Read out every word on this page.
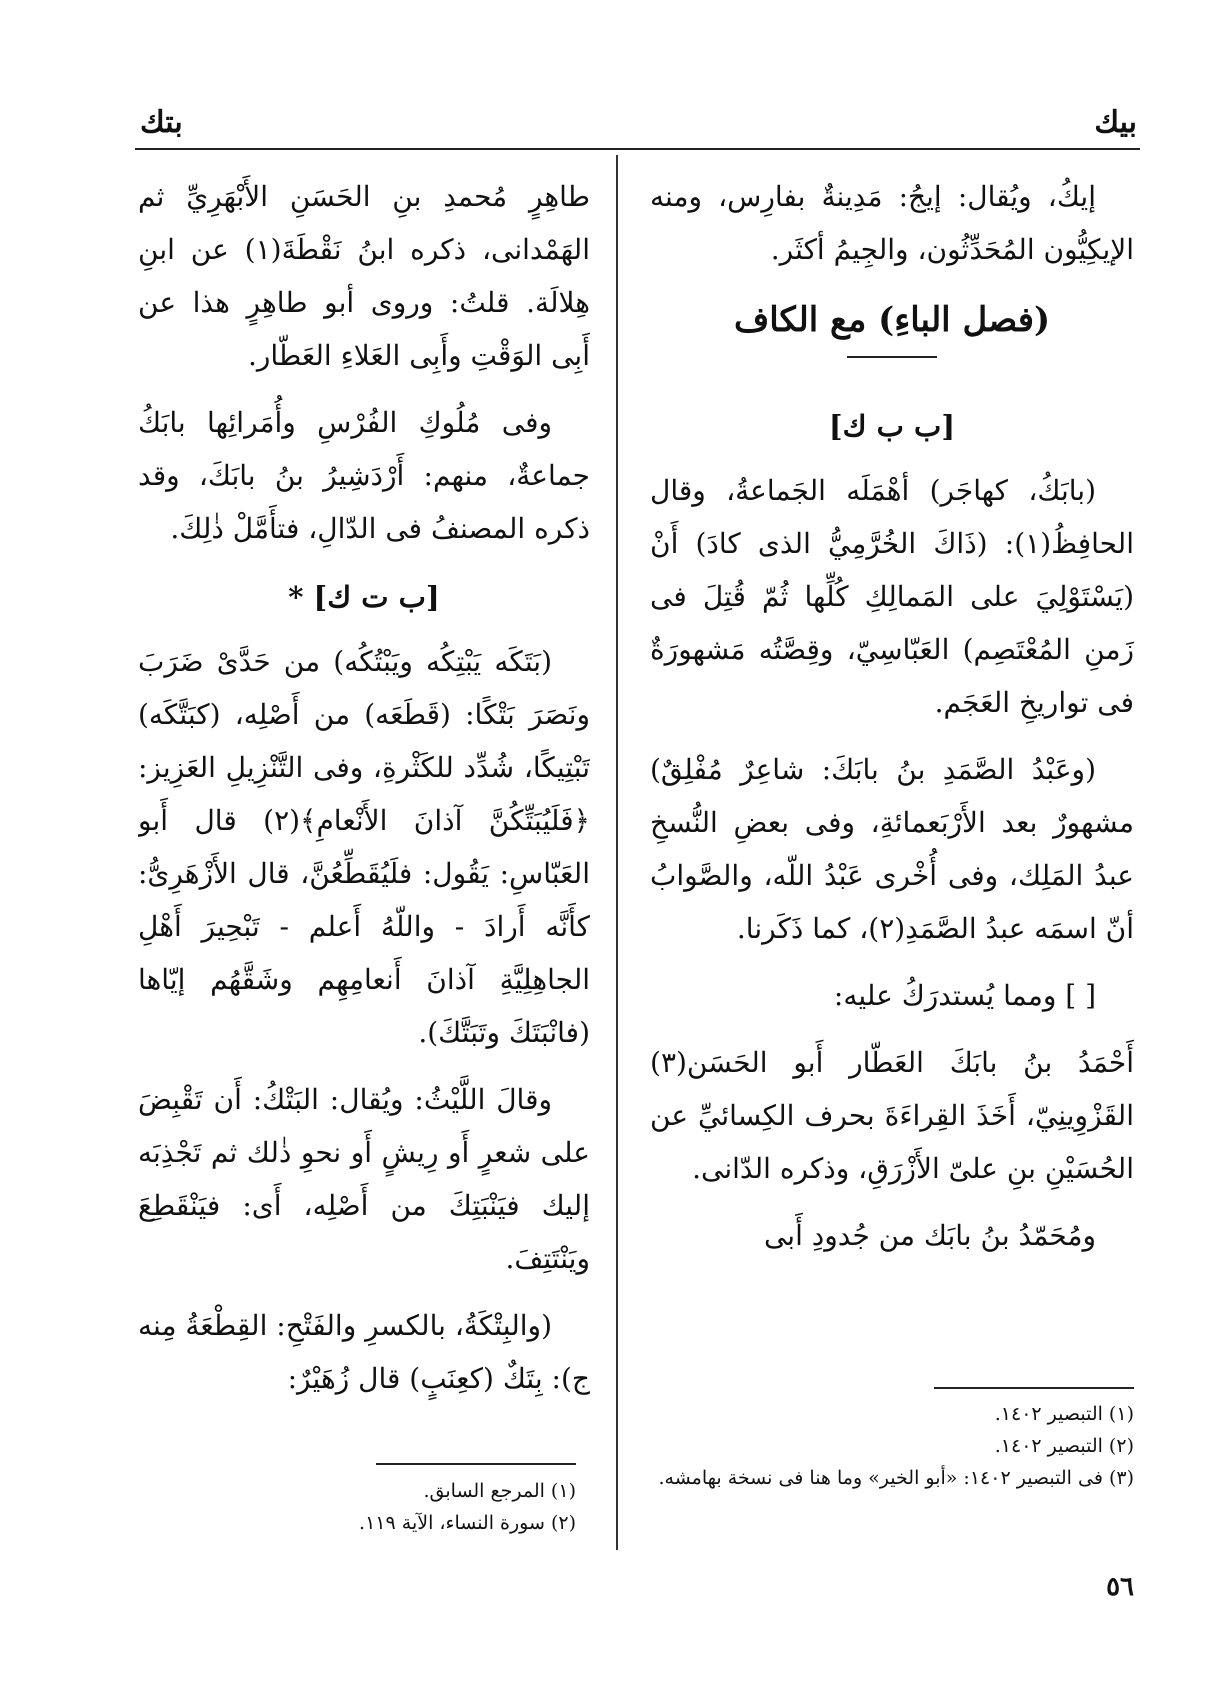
بيك
بتك

إيكُ، ويُقال: إيجُ: مَدِينةٌ بفارِس، ومنه الإيكِيُّون المُحَدِّثُون، والجِيمُ أكثَر.

(فصل الباءِ) مع الكاف
[ب ب ك]

(بابَكُ، كهاجَر) أهْمَلَه الجَماعةُ، وقال الحافِظُ(١): (ذَاكَ الخُرَّمِيُّ الذى كادَ) أَنْ (يَسْتَوْلِيَ على المَمالِكِ كُلِّها ثُمّ قُتِلَ فى زَمنِ المُعْتَصِم) العَبّاسِيّ، وقِصَّتُه مَشهورَةٌ فى تواريخِ العَجَم.

(وعَبْدُ الصَّمَدِ بنُ بابَكَ: شاعِرٌ مُفْلِقٌ) مشهورٌ بعد الأَرْبَعمائةِ، وفى بعضِ النُّسخِ عبدُ المَلِك، وفى أُخْرى عَبْدُ اللّه، والصَّوابُ أنّ اسمَه عبدُ الصَّمَدِ(٢)، كما ذَكَرنا.

[ ] ومما يُستدرَكُ عليه:

أَحْمَدُ بنُ بابَكَ العَطّار أَبو الحَسَن(٣) القَزْوِينِيّ، أَخَذَ القِراءَةَ بحرف الكِسائيِّ عن الحُسَيْنِ بنِ علىّ الأَزْرَقِ، وذكره الدّانى.

ومُحَمّدُ بنُ بابَك من جُدودِ أَبى

طاهِرٍ مُحمدِ بنِ الحَسَنِ الأَبْهَرِيِّ ثم الهَمْدانى، ذكره ابنُ نَقْطَةَ(١) عن ابنِ هِلالَة. قلتُ: وروى أبو طاهِرٍ هذا عن أَبِى الوَقْتِ وأَبِى العَلاءِ العَطّار.

وفى مُلُوكِ الفُرْسِ وأُمَرائِها بابَكُ جماعةٌ، منهم: أَرْدَشِيرُ بنُ بابَكَ، وقد ذكره المصنفُ فى الدّالِ، فتأَمَّلْ ذٰلِكَ.

[ب ت ك] *

(بَتَكَه يَبْتِكُه ويَبْتُكُه) من حَدَّىْ ضَرَبَ ونَصَرَ بَتْكًا: (قَطَعَه) من أَصْلِه، (كبَتَّكَه) تَبْتِيكًا، شُدِّد للكَثْرةِ، وفى التَّنْزِيلِ العَزِيز: ﴿فَلَيُبَتِّكُنَّ آذانَ الأَنْعامِ﴾(٢) قال أَبو العَبّاسِ: يَقُول: فلَيُقَطِّعُنَّ، قال الأَزْهَرِىُّ: كأَنَّه أَرادَ - واللّهُ أَعلم - تَبْحِيرَ أَهْلِ الجاهِلِيَّةِ آذانَ أَنعامِهِم وشَقَّهُم إيّاها (فانْبَتَكَ وتَبَتَّكَ).

وقالَ اللَّيْثُ: ويُقال: البَتْكُ: أَن تَقْبِضَ على شعرٍ أَو رِيشٍ أَو نحوِ ذٰلك ثم تَجْذِبَه إليك فيَنْبَتِكَ من أَصْلِه، أَى: فيَنْقَطِعَ ويَنْتَتِفَ.

(والبِتْكَةُ، بالكسرِ والفَتْحِ: القِطْعَةُ مِنه ج): بِتَكٌ (كعِنَبٍ) قال زُهَيْرٌ:

(١) التبصير ١٤٠٢.

(٢) التبصير ١٤٠٢.

(٣) فى التبصير ١٤٠٢: «أبو الخير» وما هنا فى نسخة بهامشه.

(١) المرجع السابق.

(٢) سورة النساء، الآية ١١٩.

٥٦
